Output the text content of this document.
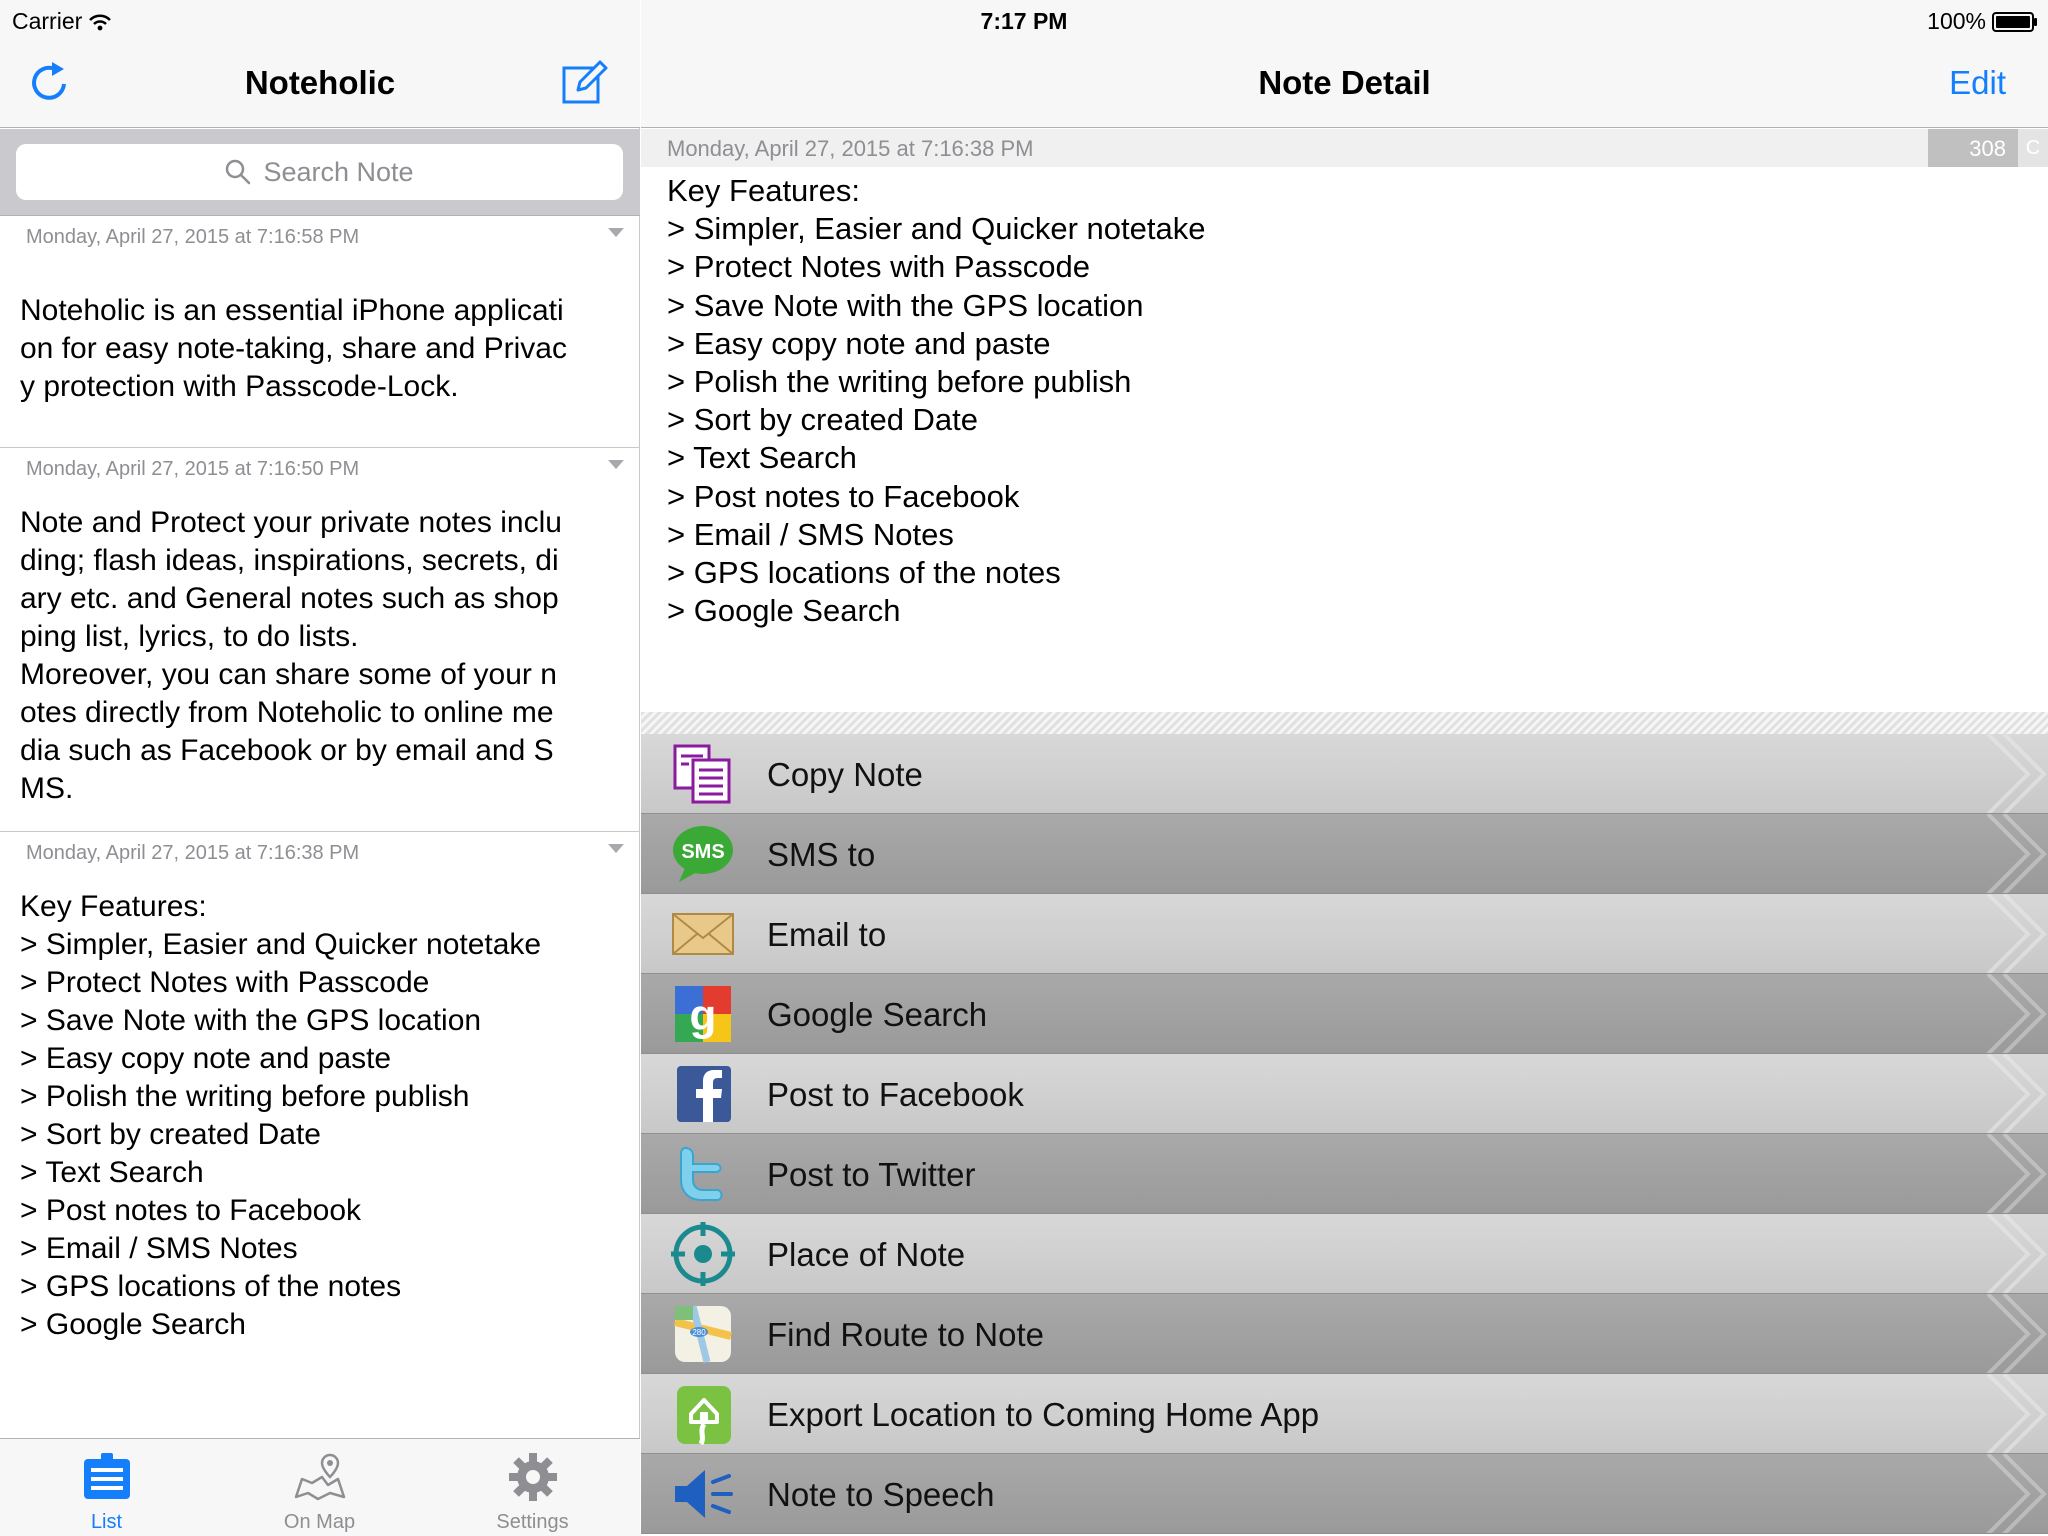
Noteholic
Search Note
Monday, April 27, 2015 at 7:16:58 PM
Noteholic is an essential iPhone applicati
on for easy note-taking, share and Privac
y protection with Passcode-Lock.
Monday, April 27, 2015 at 7:16:50 PM
Note and Protect your private notes inclu
ding; flash ideas, inspirations, secrets, di
ary etc. and General notes such as shop
ping list, lyrics, to do lists.
Moreover, you can share some of your n
otes directly from Noteholic to online me
dia such as Facebook or by email and S
MS.
Monday, April 27, 2015 at 7:16:38 PM
Key Features:
> Simpler, Easier and Quicker notetake
> Protect Notes with Passcode
> Save Note with the GPS location
> Easy copy note and paste
> Polish the writing before publish
> Sort by created Date
> Text Search
> Post notes to Facebook
> Email / SMS Notes
> GPS locations of the notes
> Google Search
List	On Map	Settings
Note Detail	Edit
Monday, April 27, 2015 at 7:16:38 PM	308 C
Key Features:
> Simpler, Easier and Quicker notetake
> Protect Notes with Passcode
> Save Note with the GPS location
> Easy copy note and paste
> Polish the writing before publish
> Sort by created Date
> Text Search
> Post notes to Facebook
> Email / SMS Notes
> GPS locations of the notes
> Google Search
Copy Note
SMS SMS to
Email to
g Google Search
Post to Facebook
Post to Twitter
Place of Note
280 Find Route to Note
Export Location to Coming Home App
Note to Speech
Carrier	7:17 PM	100%
